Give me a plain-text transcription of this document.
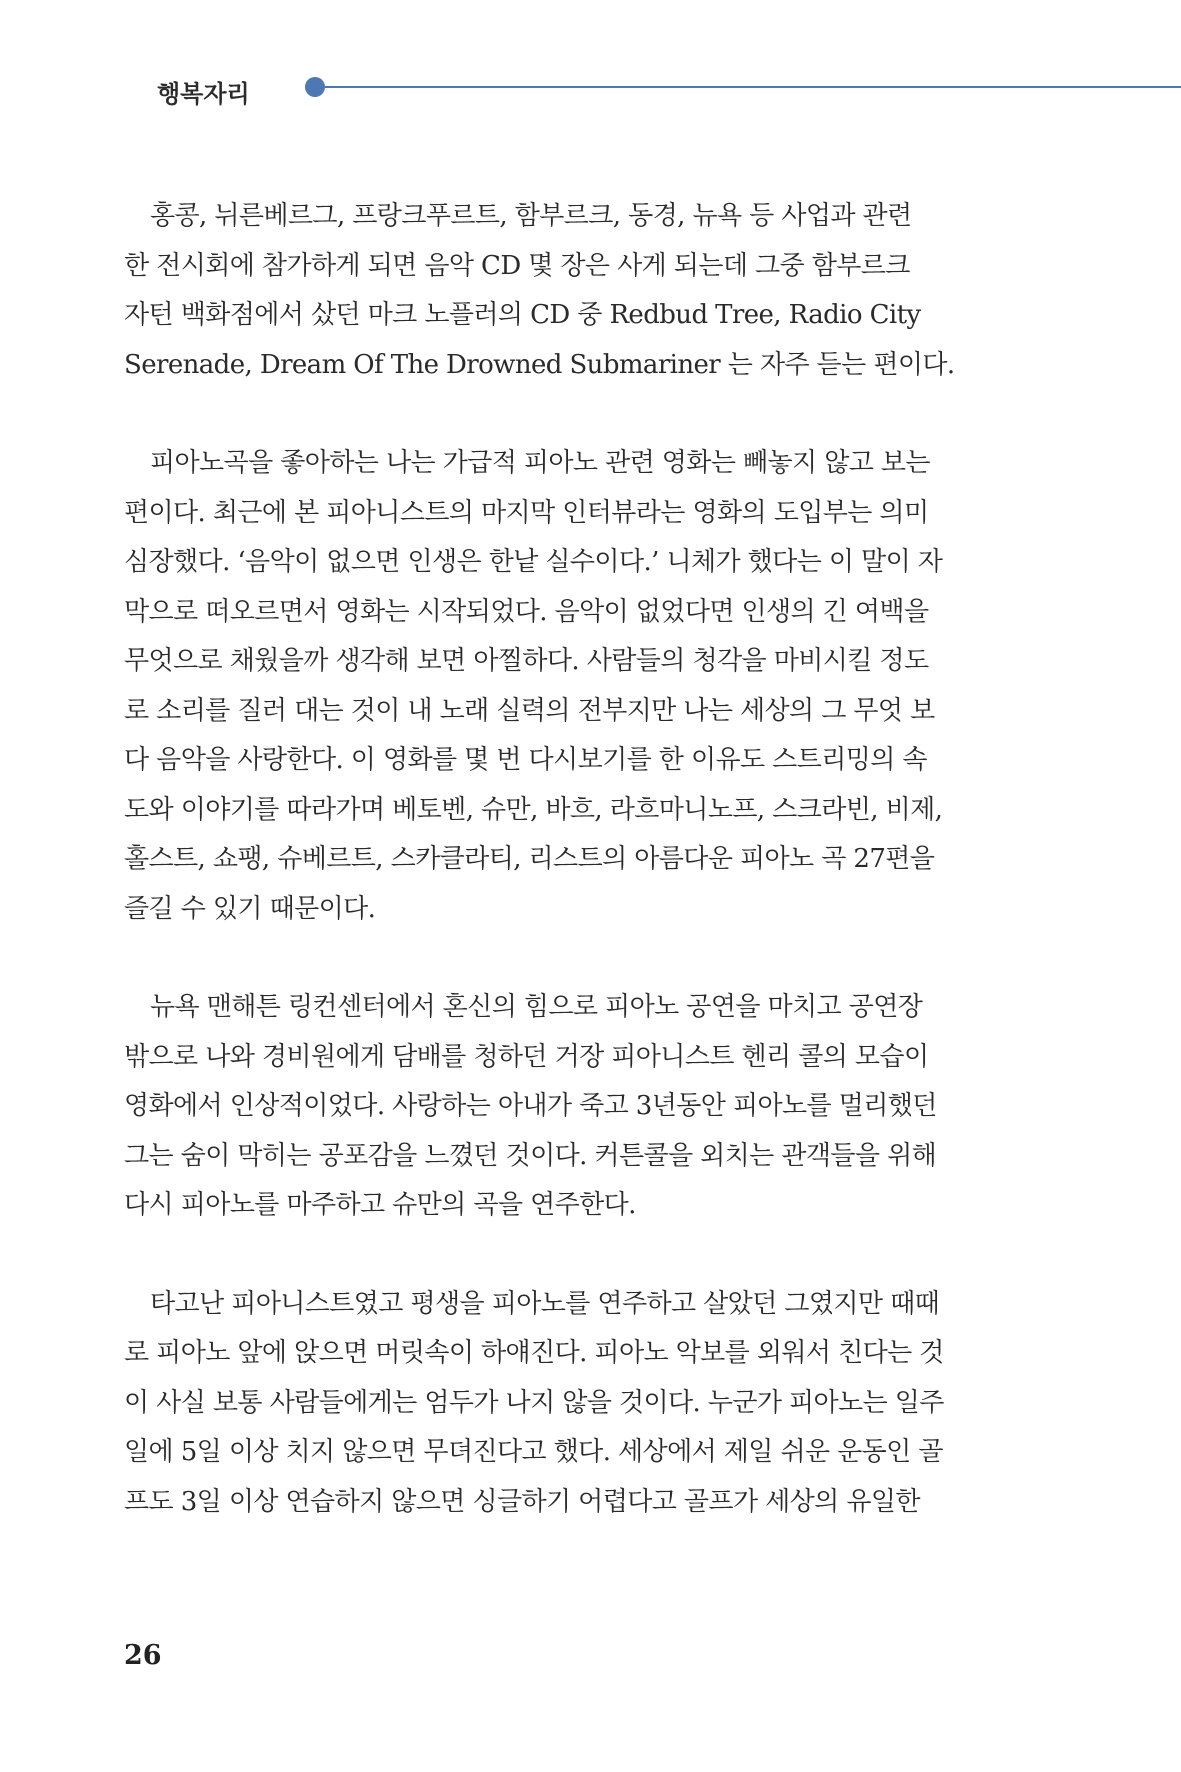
행복자리

홍콩, 뉘른베르그, 프랑크푸르트, 함부르크, 동경, 뉴욕 등 사업과 관련
한 전시회에 참가하게 되면 음악 CD 몇 장은 사게 되는데 그중 함부르크
자턴 백화점에서 샀던 마크 노플러의 CD 중 Redbud Tree, Radio City
Serenade, Dream Of The Drowned Submariner 는 자주 듣는 편이다.

피아노곡을 좋아하는 나는 가급적 피아노 관련 영화는 빼놓지 않고 보는
편이다. 최근에 본 피아니스트의 마지막 인터뷰라는 영화의 도입부는 의미
심장했다. ‘음악이 없으면 인생은 한낱 실수이다.’ 니체가 했다는 이 말이 자
막으로 떠오르면서 영화는 시작되었다. 음악이 없었다면 인생의 긴 여백을
무엇으로 채웠을까 생각해 보면 아찔하다. 사람들의 청각을 마비시킬 정도
로 소리를 질러 대는 것이 내 노래 실력의 전부지만 나는 세상의 그 무엇 보
다 음악을 사랑한다. 이 영화를 몇 번 다시보기를 한 이유도 스트리밍의 속
도와 이야기를 따라가며 베토벤, 슈만, 바흐, 라흐마니노프, 스크라빈, 비제,
홀스트, 쇼팽, 슈베르트, 스카클라티, 리스트의 아름다운 피아노 곡 27편을
즐길 수 있기 때문이다.

뉴욕 맨해튼 링컨센터에서 혼신의 힘으로 피아노 공연을 마치고 공연장
밖으로 나와 경비원에게 담배를 청하던 거장 피아니스트 헨리 콜의 모습이
영화에서 인상적이었다. 사랑하는 아내가 죽고 3년동안 피아노를 멀리했던
그는 숨이 막히는 공포감을 느꼈던 것이다. 커튼콜을 외치는 관객들을 위해
다시 피아노를 마주하고 슈만의 곡을 연주한다.

타고난 피아니스트였고 평생을 피아노를 연주하고 살았던 그였지만 때때
로 피아노 앞에 앉으면 머릿속이 하얘진다. 피아노 악보를 외워서 친다는 것
이 사실 보통 사람들에게는 엄두가 나지 않을 것이다. 누군가 피아노는 일주
일에 5일 이상 치지 않으면 무뎌진다고 했다. 세상에서 제일 쉬운 운동인 골
프도 3일 이상 연습하지 않으면 싱글하기 어렵다고 골프가 세상의 유일한

26
